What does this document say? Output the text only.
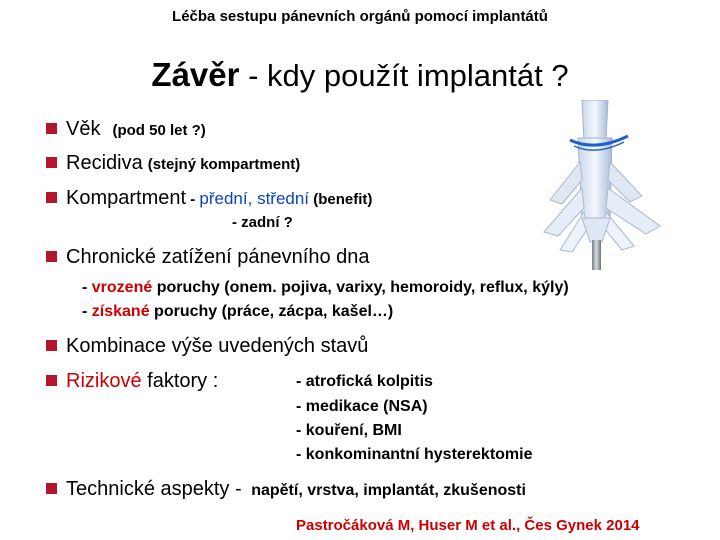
Léčba sestupu pánevních orgánů pomocí implantátů
Závěr - kdy použít implantát ?
Věk (pod 50 let ?)
Recidiva (stejný kompartment)
Kompartment - přední , střední (benefit)
- zadní ?
Chronické zatížení pánevního dna
- vrozené poruchy (onem. pojiva, varixy, hemoroidy, reflux, kýly)
- získané poruchy (práce, zácpa, kašel…)
Kombinace výše uvedených stavů
Rizikové faktory :	- atrofická kolpitis
- medikace (NSA)
- kouření, BMI
- konkominantní hysterektomie
Technické aspekty - napětí, vrstva, implantát, zkušenosti
Pastročáková M, Huser M et al., Čes Gynek 2014
